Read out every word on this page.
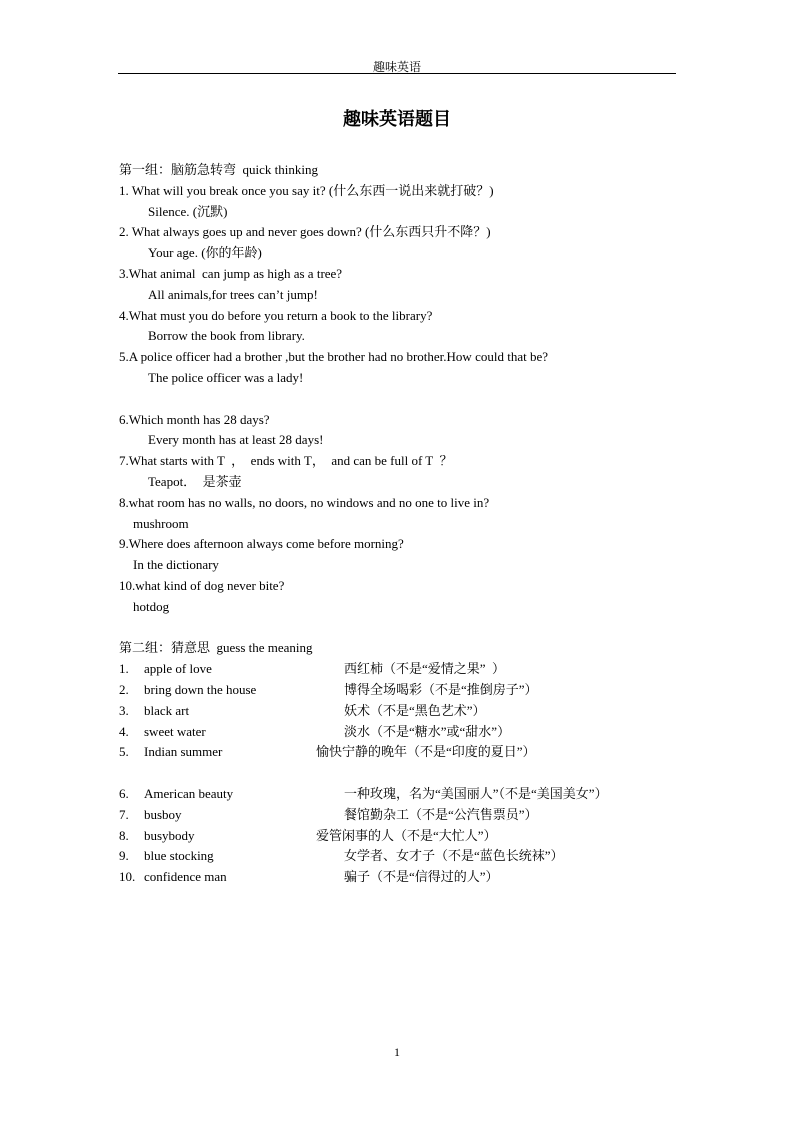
趣味英语
趣味英语题目
第一组：脑筋急转弯  quick thinking
1. What will you break once you say it? (什么东西一说出来就打破？)
Silence. (沉默)
2. What always goes up and never goes down? (什么东西只升不降？)
Your age. (你的年龄)
3.What animal  can jump as high as a tree?
All animals,for trees can’t jump!
4.What must you do before you return a book to the library?
Borrow the book from library.
5.A police officer had a brother ,but the brother had no brother.How could that be?
The police officer was a lady!
6.Which month has 28 days?
Every month has at least 28 days!
7.What starts with T  ，  ends with T，  and can be full of T  ？
Teapot．  是茶壶
8.what room has no walls, no doors, no windows and no one to live in?
mushroom
9.Where does afternoon always come before morning?
In the dictionary
10.what kind of dog never bite?
hotdog
第二组：猜意思  guess the meaning
1. apple of love	西红柿（不是“爱情之果”  ）
2. bring down the house	博得全场喝彩（不是“推倒房子”）
3. black art	妖术（不是“黑色艺术”）
4. sweet water	淡水（不是“糖水”或“甜水”）
5. Indian summer	愉快宁静的晚年（不是“印度的夏日”）
6. American beauty	一种玫瑰，名为“美国丽人”（不是“美国美女”）
7. busboy	餐馆勤杂工（不是“公汽售票员”）
8. busybody	爱管闲事的人（不是“大忙人”）
9. blue stocking	女学者、女才子（不是“蓝色长统袜”）
10. confidence man	骗子（不是“信得过的人”）
1
